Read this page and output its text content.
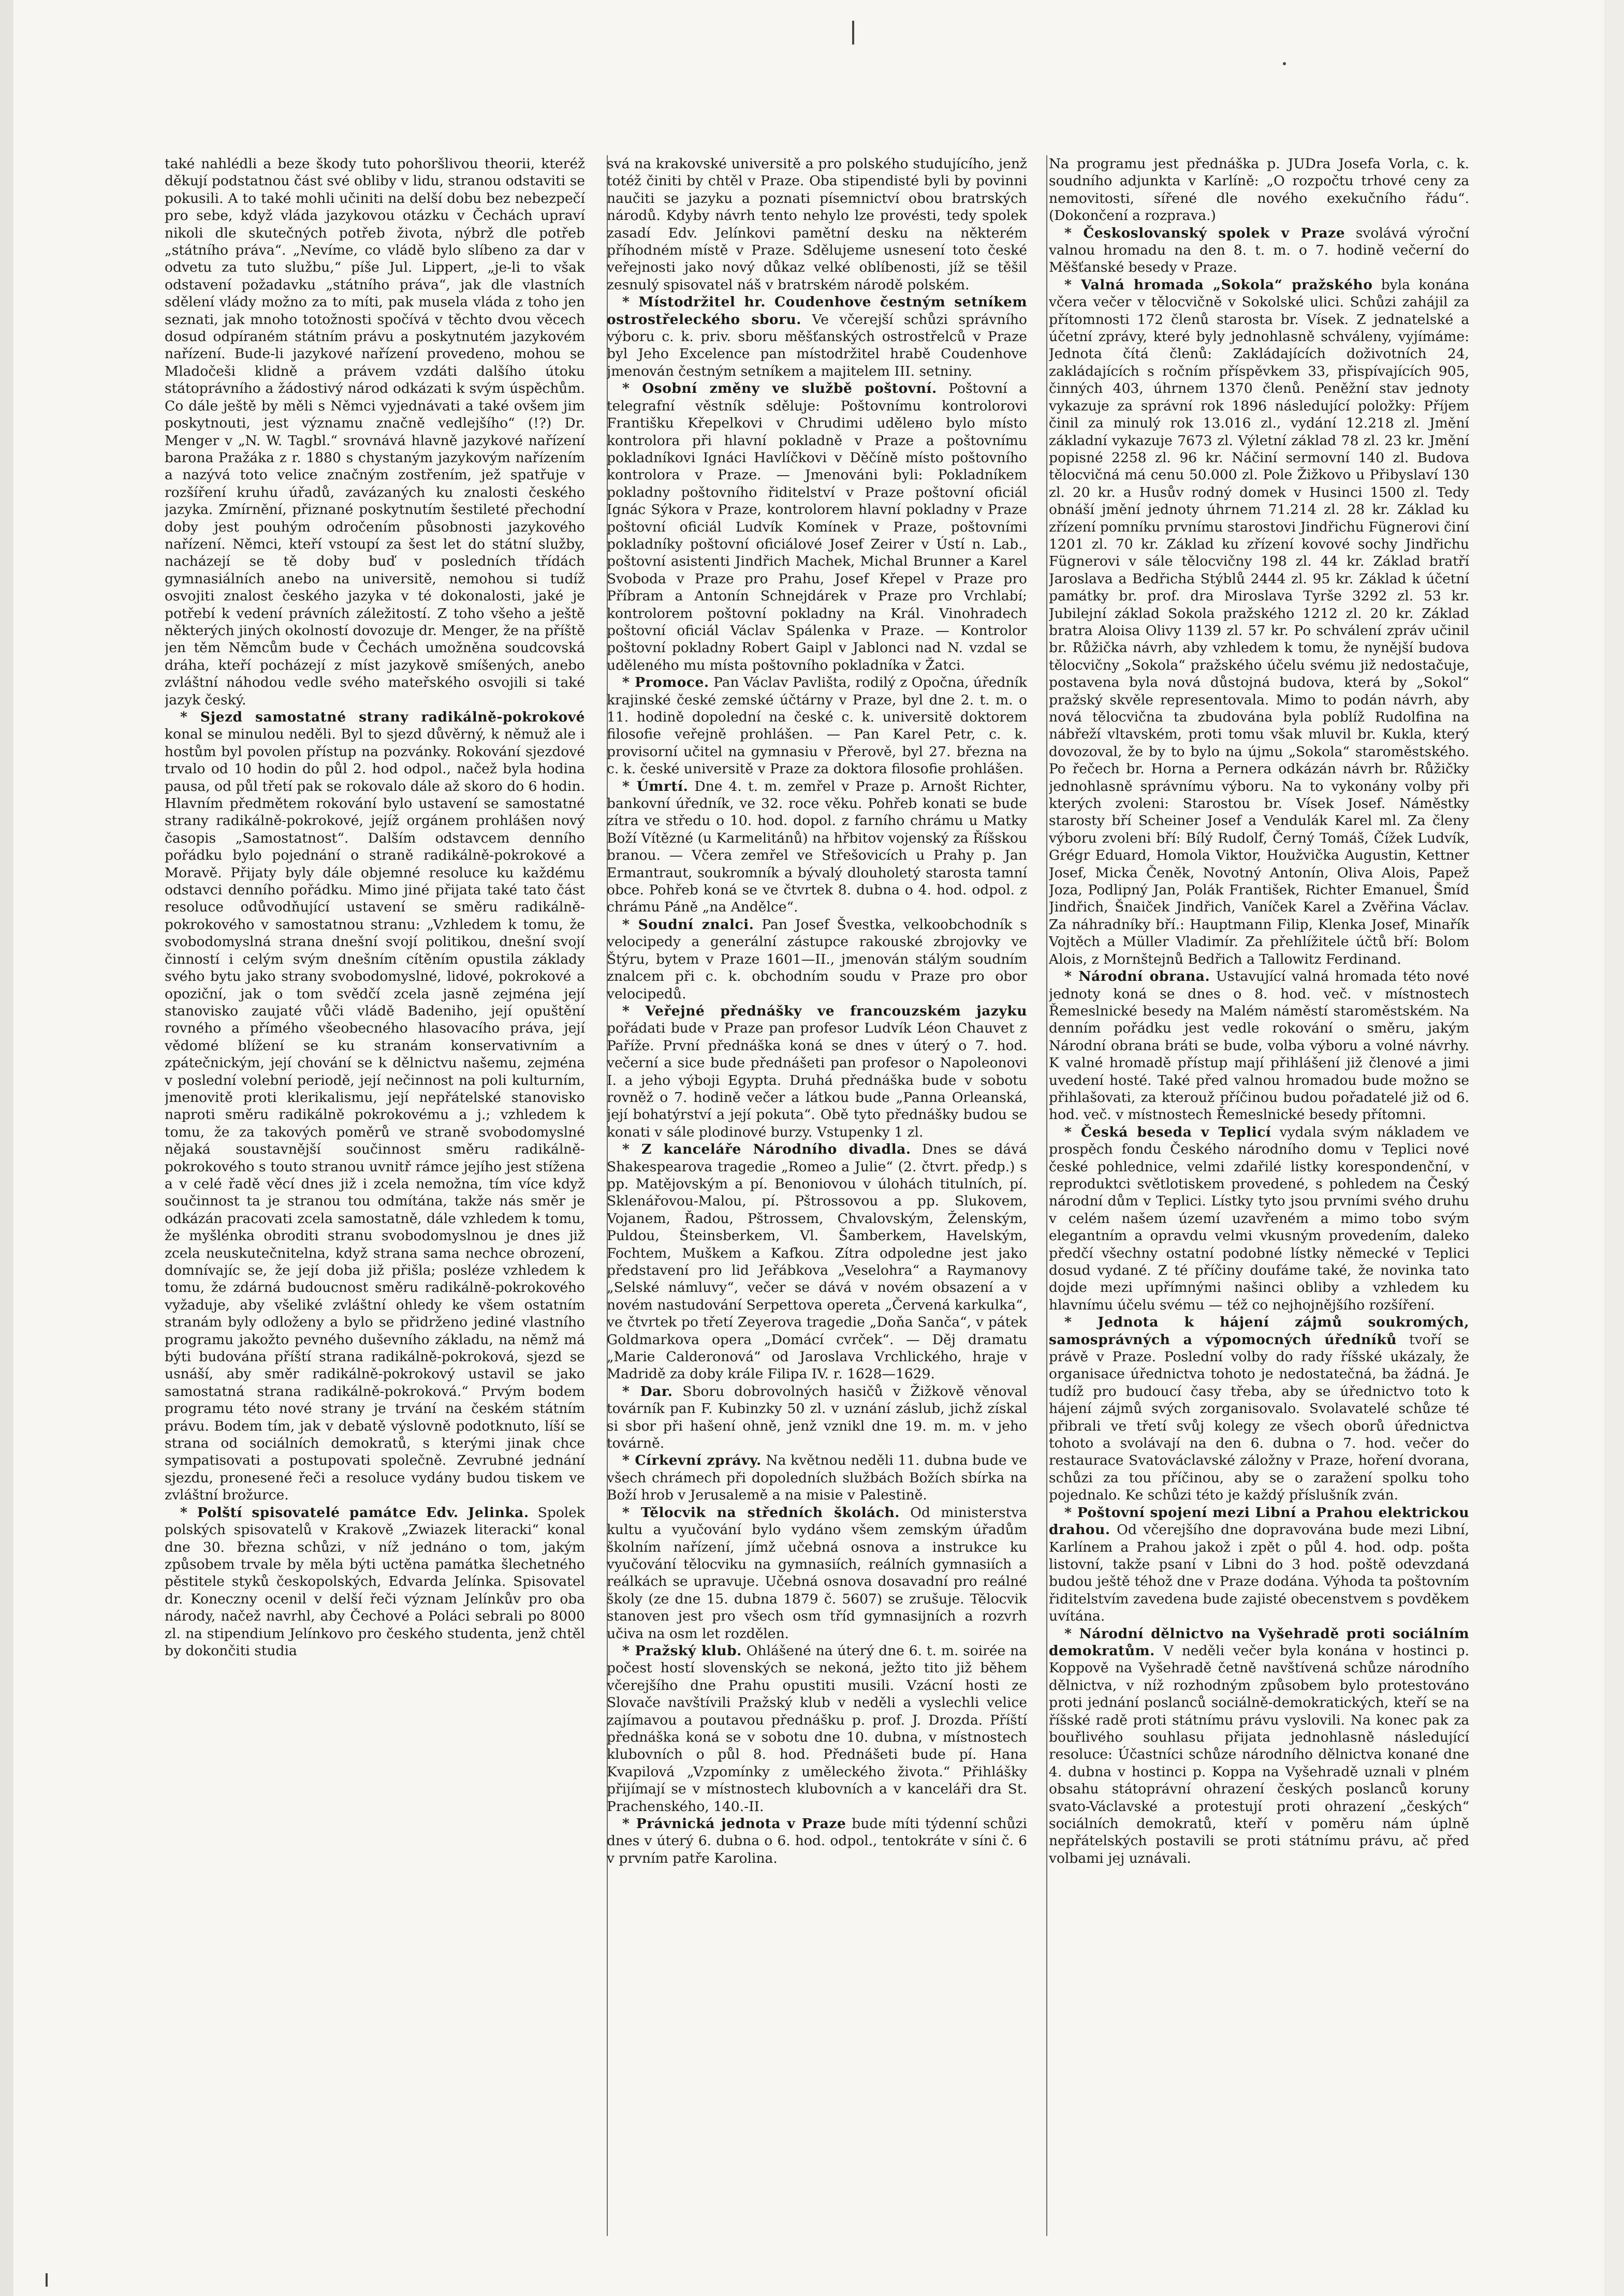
také nahlédli a beze škody tuto pohoršlivou theorii, kteréž děkují podstatnou část své obliby v lidu, stranou odstaviti se pokusili. A to také mohli učiniti na delší dobu bez nebezpečí pro sebe, když vláda jazykovou otázku v Čechách upraví nikoli dle skutečných potřeb života, nýbrž dle potřeb „státního práva“. „Nevíme, co vládě bylo slíbeno za dar v odvetu za tuto službu,“ píše Jul. Lippert, „je-li to však odstavení požadavku „státního práva“, jak dle vlastních sdělení vlády možno za to míti, pak musela vláda z toho jen seznati, jak mnoho totožnosti spočívá v těchto dvou věcech dosud odpíraném státním právu a poskytnutém jazykovém nařízení. Bude-li jazykové nařízení provedeno, mohou se Mladočeši klidně a právem vzdáti dalšího útoku státoprávního a žádostivý národ odkázati k svým úspěchům. Co dále ještě by měli s Němci vyjednávati a také ovšem jim poskytnouti, jest významu značně vedlejšího“ (!?) Dr. Menger v „N. W. Tagbl.“ srovnává hlavně jazykové nařízení barona Pražáka z r. 1880 s chystaným jazykovým nařízením a nazývá toto velice značným zostřením, jež spatřuje v rozšíření kruhu úřadů, zavázaných ku znalosti českého jazyka. Zmírnění, přiznané poskytnutím šestileté přechodní doby jest pouhým odročením působnosti jazykového nařízení. Němci, kteří vstoupí za šest let do státní služby, nacházejí se tě doby buď v posledních třídách gymnasiálních anebo na universitě, nemohou si tudíž osvojiti znalost českého jazyka v té dokonalosti, jaké je potřebí k vedení právních záležitostí. Z toho všeho a ještě některých jiných okolností dovozuje dr. Menger, že na příště jen těm Němcům bude v Čechách umožněna soudcovská dráha, kteří pocházejí z míst jazykově smíšených, anebo zvláštní náhodou vedle svého mateřského osvojili si také jazyk český.

* Sjezd samostatné strany radikálně-pokrokové konal se minulou neděli. Byl to sjezd důvěrný, k němuž ale i hostům byl povolen přístup na pozvánky. Rokování sjezdové trvalo od 10 hodin do půl 2. hod odpol., načež byla hodina pausa, od půl třetí pak se rokovalo dále až skoro do 6 hodin. Hlavním předmětem rokování bylo ustavení se samostatné strany radikálně-pokrokové, jejíž orgánem prohlášen nový časopis „Samostatnost“. Dalším odstavcem denního pořádku bylo pojednání o straně radikálně-pokrokové a Moravě. Přijaty byly dále objemné resoluce ku každému odstavci denního pořádku. Mimo jiné přijata také tato část resoluce odůvodňující ustavení se směru radikálně-pokrokového v samostatnou stranu: „Vzhledem k tomu, že svobodomyslná strana dnešní svojí politikou, dnešní svojí činností i celým svým dnešním cítěním opustila základy svého bytu jako strany svobodomyslné, lidové, pokrokové a opoziční, jak o tom svědčí zcela jasně zejména její stanovisko zaujaté vůči vládě Badeniho, její opuštění rovného a přímého všeobecného hlasovacího práva, její vědomé blížení se ku stranám konservativním a zpátečnickým, její chování se k dělnictvu našemu, zejména v poslední volební periodě, její nečinnost na poli kulturním, jmenovitě proti klerikalismu, její nepřátelské stanovisko naproti směru radikálně pokrokovému a j.; vzhledem k tomu, že za takových poměrů ve straně svobodomyslné nějaká soustavnější součinnost směru radikálně-pokrokového s touto stranou uvnitř rámce jejího jest stížena a v celé řadě věcí dnes již i zcela nemožna, tím více když součinnost ta je stranou tou odmítána, takže nás směr je odkázán pracovati zcela samostatně, dále vzhledem k tomu, že myšlénka obroditi stranu svobodomyslnou je dnes již zcela neuskutečnitelna, když strana sama nechce obrození, domnívajíc se, že její doba již přišla; posléze vzhledem k tomu, že zdárná budoucnost směru radikálně-pokrokového vyžaduje, aby všeliké zvláštní ohledy ke všem ostatním stranám byly odloženy a bylo se přidrženo jediné vlastního programu jakožto pevného duševního základu, na němž má býti budována příští strana radikálně-pokroková, sjezd se usnáší, aby směr radikálně-pokrokový ustavil se jako samostatná strana radikálně-pokroková.“ Prvým bodem programu této nové strany je trvání na českém státním právu. Bodem tím, jak v debatě výslovně podotknuto, líší se strana od sociálních demokratů, s kterými jinak chce sympatisovati a postupovati společně. Zevrubné jednání sjezdu, pronesené řeči a resoluce vydány budou tiskem ve zvláštní brožurce.

* Polští spisovatelé památce Edv. Jelinka. Spolek polských spisovatelů v Krakově „Zwiazek literacki“ konal dne 30. března schůzi, v níž jednáno o tom, jakým způsobem trvale by měla býti uctěna památka šlechetného pěstitele styků českopolských, Edvarda Jelínka. Spisovatel dr. Koneczny ocenil v delší řeči význam Jelínkův pro oba národy, načež navrhl, aby Čechové a Poláci sebrali po 8000 zl. na stipendium Jelínkovo pro českého studenta, jenž chtěl by dokončiti studia

svá na krakovské universitě a pro polského studujícího, jenž totéž činiti by chtěl v Praze. Oba stipendisté byli by povinni naučiti se jazyku a poznati písemnictví obou bratrských národů. Kdyby návrh tento nehylo lze provésti, tedy spolek zasadí Edv. Jelínkovi pamětní desku na některém příhodném místě v Praze. Sdělujeme usnesení toto české veřejnosti jako nový důkaz velké oblíbenosti, jíž se těšil zesnulý spisovatel náš v bratrském národě polském.

* Místodržitel hr. Coudenhove čestným setníkem ostrostřeleckého sboru. Ve včerejší schůzi správního výboru c. k. priv. sboru měšťanských ostrostřelců v Praze byl Jeho Excelence pan místodržitel hrabě Coudenhove jmenován čestným setníkem a majitelem III. setniny.

* Osobní změny ve službě poštovní. Poštovní a telegrafní věstník sděluje: Poštovnímu kontrolorovi Františku Křepelkovi v Chrudimi udělено bylo místo kontrolora při hlavní pokladně v Praze a poštovnímu pokladníkovi Ignáci Havlíčkovi v Děčíně místo poštovního kontrolora v Praze. — Jmenováni byli: Pokladníkem pokladny poštovního řiditelství v Praze poštovní oficiál Ignác Sýkora v Praze, kontrolorem hlavní pokladny v Praze poštovní oficiál Ludvík Komínek v Praze, poštovními pokladníky poštovní oficiálové Josef Zeirer v Ústí n. Lab., poštovní asistenti Jindřich Machek, Michal Brunner a Karel Svoboda v Praze pro Prahu, Josef Křepel v Praze pro Příbram a Antonín Schnejdárek v Praze pro Vrchlabí; kontrolorem poštovní pokladny na Král. Vinohradech poštovní oficiál Václav Spálenka v Praze. — Kontrolor poštovní pokladny Robert Gaipl v Jablonci nad N. vzdal se udělеného mu místa poštovního pokladníka v Žatci.

* Promoce. Pan Václav Pavlišta, rodilý z Opočna, úředník krajinské české zemské účtárny v Praze, byl dne 2. t. m. o 11. hodině dopolední na české c. k. universitě doktorem filosofie veřejně prohlášen. — Pan Karel Petr, c. k. provisorní učitel na gymnasiu v Přerově, byl 27. března na c. k. české universitě v Praze za doktora filosofie prohlášen.

* Úmrtí. Dne 4. t. m. zemřel v Praze p. Arnošt Richter, bankovní úředník, ve 32. roce věku. Pohřeb konati se bude zítra ve středu o 10. hod. dopol. z farního chrámu u Matky Boží Vítězné (u Karmelitánů) na hřbitov vojenský za Říšskou branou. — Včera zemřel ve Střešovicích u Prahy p. Jan Ermantraut, soukromník a bývalý dlouholetý starosta tamní obce. Pohřeb koná se ve čtvrtek 8. dubna o 4. hod. odpol. z chrámu Páně „na Andělce“.

* Soudní znalci. Pan Josef Švestka, velkoobchodník s velocipedy a generální zástupce rakouské zbrojovky ve Štýru, bytem v Praze 1601—II., jmenován stálým soudním znalcem při c. k. obchodním soudu v Praze pro obor velocipedů.

* Veřejné přednášky ve francouzském jazyku pořádati bude v Praze pan profesor Ludvík Léon Chauvet z Paříže. První přednáška koná se dnes v úterý o 7. hod. večerní a sice bude přednášeti pan profesor o Napoleonovi I. a jeho výboji Egypta. Druhá přednáška bude v sobotu rovněž o 7. hodině večer a látkou bude „Panna Orleanská, její bohatýrství a její pokuta“. Obě tyto přednášky budou se konati v sále plodinové burzy. Vstupenky 1 zl.

* Z kanceláře Národního divadla. Dnes se dává Shakespearova tragedie „Romeo a Julie“ (2. čtvrt. předp.) s pp. Matějovským a pí. Benoniovou v úlohách titulních, pí. Sklenářovou-Malou, pí. Pštrossovou a pp. Slukovem, Vojanem, Řadou, Pštrossem, Chvalovským, Želenským, Puldou, Šteinsberkem, Vl. Šamberkem, Havelským, Fochtem, Muškem a Kafkou. Zítra odpoledne jest jako představení pro lid Jeřábkova „Veselohra“ a Raymanovy „Selské námluvy“, večer se dává v novém obsazení a v novém nastudování Serpettova opereta „Červená karkulka“, ve čtvrtek po třetí Zeyerova tragedie „Doňa Sančа“, v pátek Goldmarkova opera „Domácí cvrček“. — Děj dramatu „Marie Calderonová“ od Jaroslava Vrchlického, hraje v Madridě za doby krále Filipa IV. r. 1628—1629.

* Dar. Sboru dobrovolných hasičů v Žižkově věnoval továrník pan F. Kubinzky 50 zl. v uznání záslub, jichž získal si sbor při hašení ohně, jenž vznikl dne 19. m. m. v jeho továrně.

* Církevní zprávy. Na květnou neděli 11. dubna bude ve všech chrámech při dopoledních službách Božích sbírka na Boží hrob v Jerusalemě a na misie v Palestině.

* Tělocvik na středních školách. Od ministerstva kultu a vyučování bylo vydáno všem zemským úřadům školním nařízení, jímž učebná osnova a instrukce ku vyučování tělocviku na gymnasiích, reálních gymnasiích a reálkách se upravuje. Učebná osnova dosavadní pro reálné školy (ze dne 15. dubna 1879 č. 5607) se zrušuje. Tělocvik stanoven jest pro všech osm tříd gymnasijních a rozvrh učiva na osm let rozdělen.

* Pražský klub. Ohlášené na úterý dne 6. t. m. soirée na počest hostí slovenských se nekoná, ježto tito již během včerejšího dne Prahu opustiti musili. Vzácní hosti ze Slovače navštívili Pražský klub v neděli a vyslechli velice zajímavou a poutavou přednášku p. prof. J. Drozda. Příští přednáška koná se v sobotu dne 10. dubna, v místnostech klubovních o půl 8. hod. Přednášeti bude pí. Hana Kvapilová „Vzpomínky z uměleckého života.“ Přihlášky přijímají se v místnostech klubovních a v kanceláři dra St. Prachenského, 140.-II.

* Právnická jednota v Praze bude míti týdenní schůzi dnes v úterý 6. dubna o 6. hod. odpol., tentokráte v síni č. 6 v prvním patře Karolina.

Na programu jest přednáška p. JUDra Josefa Vorla, c. k. soudního adjunkta v Karlíně: „O rozpočtu trhové ceny za nemovitosti, sířené dle nového exekučního řádu“. (Dokončení a rozprava.)

* Českoslovanský spolek v Praze svolává výroční valnou hromadu na den 8. t. m. o 7. hodině večerní do Měšťanské besedy v Praze.

* Valná hromada „Sokola“ pražského byla konána včera večer v tělocvičně v Sokolské ulici. Schůzi zahájil za přítomnosti 172 členů starosta br. Vísek. Z jednatelské a účetní zprávy, které byly jednohlasně schváleny, vyjímáme: Jednota čítá členů: Zakládajících doživotních 24, zakládajících s ročním příspěvkem 33, přispívajících 905, činných 403, úhrnem 1370 členů. Peněžní stav jednoty vykazuje za správní rok 1896 následující položky: Příjem činil za minulý rok 13.016 zl., vydání 12.218 zl. Jmění základní vykazuje 7673 zl. Výletní základ 78 zl. 23 kr. Jmění popisné 2258 zl. 96 kr. Náčiní sermovní 140 zl. Budova tělocvičná má cenu 50.000 zl. Pole Žižkovo u Přibyslaví 130 zl. 20 kr. a Husův rodný domek v Husinci 1500 zl. Tedy obnáší jmění jednoty úhrnem 71.214 zl. 28 kr. Základ ku zřízení pomníku prvnímu starostovi Jindřichu Fügnerovi činí 1201 zl. 70 kr. Základ ku zřízení kovové sochy Jindřichu Fügnerovi v sále tělocvičny 198 zl. 44 kr. Základ bratří Jaroslava a Bedřicha Stýblů 2444 zl. 95 kr. Základ k účetní památky br. prof. dra Miroslava Tyrše 3292 zl. 53 kr. Jubilejní základ Sokola pražského 1212 zl. 20 kr. Základ bratra Aloisa Olivy 1139 zl. 57 kr. Po schválení zpráv učinil br. Růžička návrh, aby vzhledem k tomu, že nynější budova tělocvičny „Sokola“ pražského účelu svému již nedostačuje, postavena byla nová důstojná budova, která by „Sokol“ pražský skvěle representovala. Mimo to podán návrh, aby nová tělocvična ta zbudována byla poblíž Rudolfina na nábřeží vltavském, proti tomu však mluvil br. Kukla, který dovozoval, že by to bylo na újmu „Sokola“ staroměstského. Po řečech br. Hornа a Pernera odkázán návrh br. Růžičky jednohlasně správnímu výboru. Na to vykonány volby při kterých zvoleni: Starostou br. Vísek Josef. Náměstky starosty bří Scheiner Josef a Vendulák Karel ml. Za členy výboru zvoleni bří: Bílý Rudolf, Černý Tomáš, Čížek Ludvík, Grégr Eduard, Homola Viktor, Houžvička Augustin, Kettner Josef, Micka Čeněk, Novotný Antonín, Oliva Alois, Papež Joza, Podlipný Jan, Polák František, Richter Emanuel, Šmíd Jindřich, Šnaiček Jindřich, Vaníček Karel a Zvěřina Václav. Za náhradníky bří.: Hauptmann Filip, Klenka Josef, Minařík Vojtěch a Müller Vladimír. Za přehlížitele účtů bří: Bolom Alois, z Mornštejnů Bedřich a Tallowitz Ferdinand.

* Národní obrana. Ustavující valná hromada této nové jednoty koná se dnes o 8. hod. več. v místnostech Řemeslnické besedy na Malém náměstí staroměstském. Na denním pořádku jest vedle rokování o směru, jakým Národní obrana bráti se bude, volba výboru a volné návrhy. K valné hromadě přístup mají přihlášení již členové a jimi uvedení hosté. Také před valnou hromadou bude možno se přihlašovati, za kterouž příčinou budou pořadatelé již od 6. hod. več. v místnostech Řemeslnické besedy přítomni.

* Česká beseda v Teplicí vydala svým nákladem ve prospěch fondu Českého národního domu v Teplici nové české pohlednice, velmi zdařilé listky korespondenční, v reproduktci světlotiskem provedené, s pohledem na Český národní dům v Teplici. Lístky tyto jsou prvními svého druhu v celém našem území uzavřeném a mimo tobo svým elegantním a opravdu velmi vkusným provedením, daleko předčí všechny ostatní podobné lístky německé v Teplici dosud vydané. Z té příčiny doufáme také, že novinka tato dojde mezi upřímnými našinci obliby a vzhledem ku hlavnímu účelu svému — též co nejhojnějšího rozšíření.

* Jednota k hájení zájmů soukromých, samosprávných a výpomocných úředníků tvoří se právě v Praze. Poslední volby do rady říšské ukázaly, že organisace úřednictva tohoto je nedostatečná, ba žádná. Je tudíž pro budoucí časy třeba, aby se úřednictvo toto k hájení zájmů svých zorganisovalo. Svolavatelé schůze té přibrali ve třetí svůj kolegy ze všech oborů úřednictva tohoto a svolávají na den 6. dubna o 7. hod. večer do restaurace Svatováclavské záložny v Praze, hoření dvorana, schůzi za tou příčinou, aby se o zaražení spolku toho pojednalo. Ke schůzi této je každý příslušník zván.

* Poštovní spojení mezi Libní a Prahou elektrickou drahou. Od včerejšího dne dopravována bude mezi Libní, Karlínem a Prahou jakož i zpět o půl 4. hod. odp. pošta listovní, takže psaní v Libni do 3 hod. poště odevzdaná budou ještě téhož dne v Praze dodána. Výhoda ta poštovním řiditelstvím zavedena bude zajisté obecenstvem s povděkem uvítána.

* Národní dělnictvo na Vyšehradě proti sociálním demokratům. V neděli večer byla konána v hostinci p. Koppově na Vyšehradě četně navštívená schůze národního dělnictva, v níž rozhodným způsobem bylo protestováno proti jednání poslanců sociálně-demokratických, kteří se na říšské radě proti státnímu právu vyslovili. Na konec pak za bouřlivého souhlasu přijata jednohlasně následující resoluce: Účastníci schůze národního dělnictva konané dne 4. dubna v hostinci p. Koppa na Vyšehradě uznali v plném obsahu státoprávní ohrazení českých poslanců koruny svato-Václavské a protestují proti ohrazení „českých“ sociálních demokratů, kteří v poměru nám úplně nepřátelských postavili se proti státnímu právu, ač před volbami jej uznávali.
